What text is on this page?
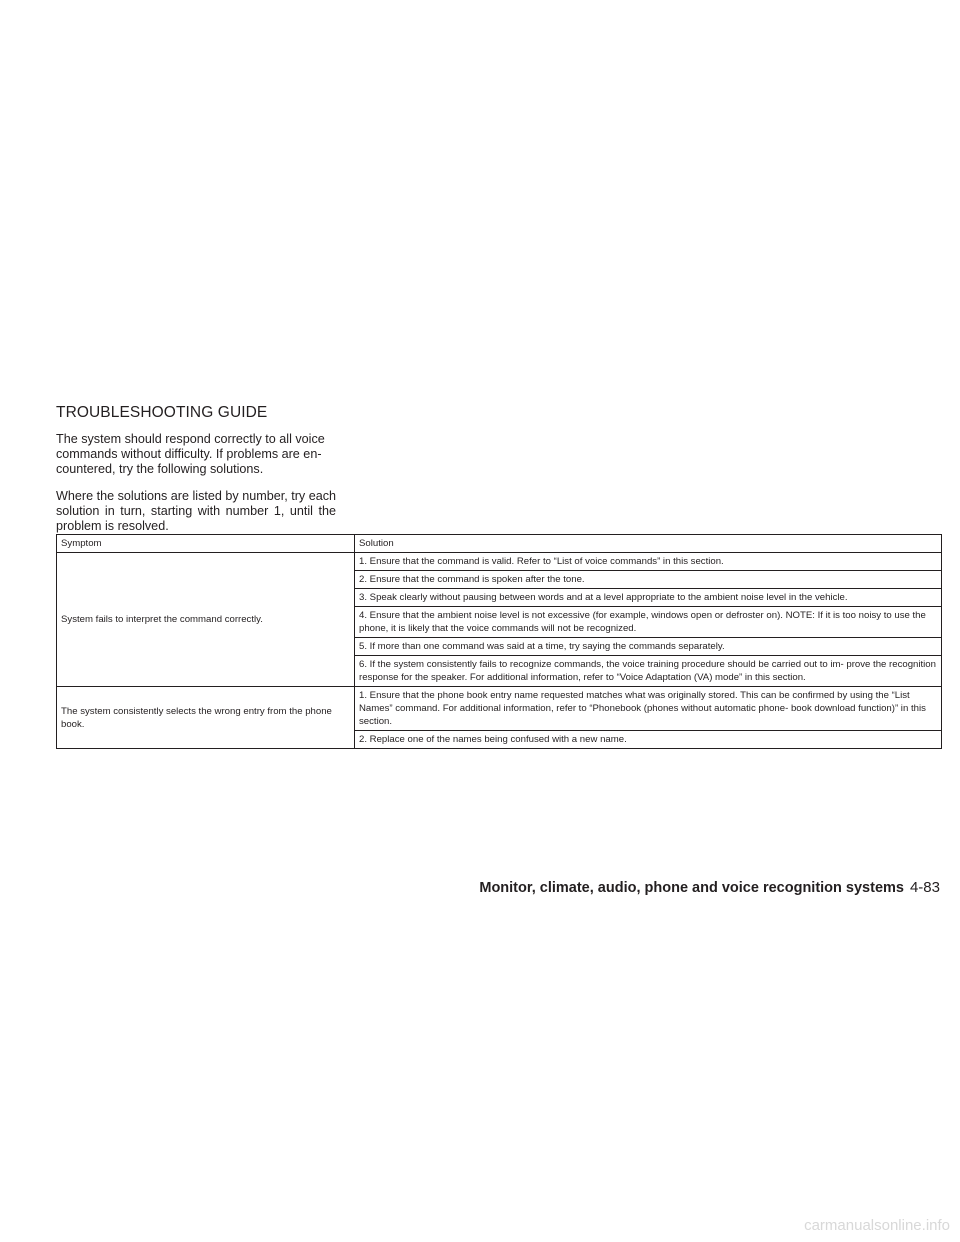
TROUBLESHOOTING GUIDE

The system should respond correctly to all voice commands without difficulty. If problems are en- countered, try the following solutions.

Where the solutions are listed by number, try each solution in turn, starting with number 1, until the problem is resolved.

Symptom	Solution
System fails to interpret the command correctly.	1. Ensure that the command is valid. Refer to “List of voice commands” in this section.
	2. Ensure that the command is spoken after the tone.
	3. Speak clearly without pausing between words and at a level appropriate to the ambient noise level in the vehicle.
	4. Ensure that the ambient noise level is not excessive (for example, windows open or defroster on). NOTE: If it is too noisy to use the phone, it is likely that the voice commands will not be recognized.
	5. If more than one command was said at a time, try saying the commands separately.
	6. If the system consistently fails to recognize commands, the voice training procedure should be carried out to im- prove the recognition response for the speaker. For additional information, refer to “Voice Adaptation (VA) mode” in this section.
The system consistently selects the wrong entry from the phone book.	1. Ensure that the phone book entry name requested matches what was originally stored. This can be confirmed by using the “List Names” command. For additional information, refer to “Phonebook (phones without automatic phone- book download function)” in this section.
	2. Replace one of the names being confused with a new name.
Monitor, climate, audio, phone and voice recognition systems 4-83
carmanualsonline.info
